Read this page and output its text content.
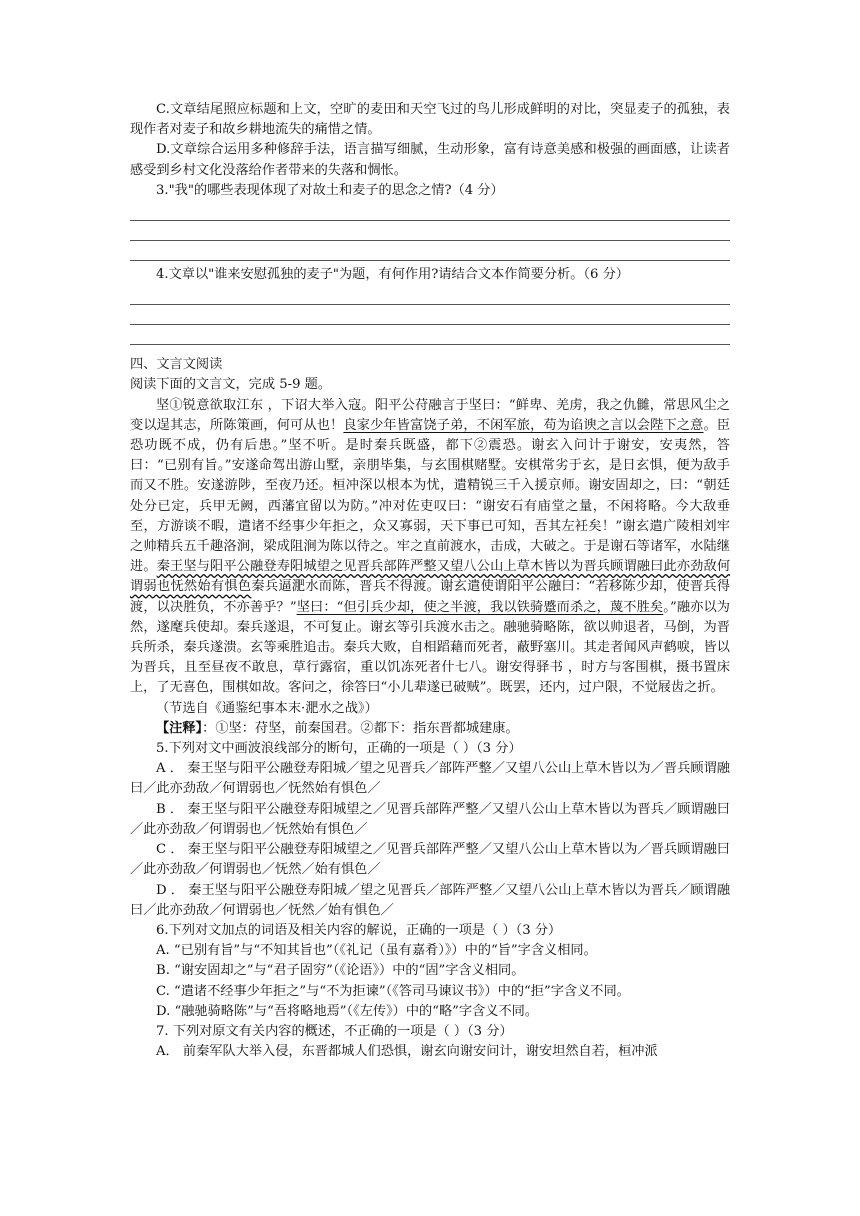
C.文章结尾照应标题和上文，空旷的麦田和天空飞过的鸟儿形成鲜明的对比，突显麦子的孤独，表现作者对麦子和故乡耕地流失的痛惜之情。

D.文章综合运用多种修辞手法，语言描写细腻，生动形象，富有诗意美感和极强的画面感，让读者感受到乡村文化没落给作者带来的失落和惆怅。

3."我"的哪些表现体现了对故土和麦子的思念之情?（4 分）

4.文章以"谁来安慰孤独的麦子"为题，有何作用?请结合文本作简要分析。（6 分）

四、文言文阅读

阅读下面的文言文，完成 5-9 题。

坚①锐意欲取江东 ，下诏大举入寇。阳平公苻融言于坚曰：“鲜卑、羌虏，我之仇雠，常思风尘之变以逞其志，所陈策画，何可从也！良家少年皆富饶子弟，不闲军旅，苟为谄谀之言以会陛下之意。臣恐功既不成，仍有后患。”坚不听。是时秦兵既盛，都下②震恐。谢玄入问计于谢安，安夷然，答曰：“已别有旨。”安遂命驾出游山墅，亲朋毕集，与玄围棋赌墅。安棋常劣于玄，是日玄惧，便为敌手而又不胜。安遂游陟，至夜乃还。桓冲深以根本为忧，遣精锐三千入援京师。谢安固却之，曰：“朝廷处分已定，兵甲无阙，西藩宜留以为防。”冲对佐吏叹曰：“谢安石有庙堂之量，不闲将略。今大敌垂至，方游谈不暇，遣诸不经事少年拒之，众又寡弱，天下事已可知，吾其左衽矣！”谢玄遣广陵相刘牢之帅精兵五千趣洛涧，梁成阻涧为陈以待之。牢之直前渡水，击成，大破之。于是谢石等诸军，水陆继进。秦王坚与阳平公融登寿阳城望之见晋兵部阵严整又望八公山上草木皆以为晋兵顾谓融曰此亦劲敌何谓弱也怃然始有惧色秦兵逼淝水而陈，晋兵不得渡。谢玄遣使谓阳平公融曰：“若移陈少却，使晋兵得渡，以决胜负，不亦善乎？”坚曰：“但引兵少却，使之半渡，我以铁骑蹙而杀之，蔑不胜矣。”融亦以为然，遂麾兵使却。秦兵遂退，不可复止。谢玄等引兵渡水击之。融驰骑略陈，欲以帅退者，马倒，为晋兵所杀，秦兵遂溃。玄等乘胜追击。秦兵大败，自相蹈藉而死者，蔽野塞川。其走者闻风声鹤唳，皆以为晋兵，且至昼夜不敢息，草行露宿，重以饥冻死者什七八。谢安得驿书 ，时方与客围棋，摄书置床上，了无喜色，围棋如故。客问之，徐答曰“小儿辈遂已破贼”。既罢，还内，过户限，不觉屐齿之折。

（节选自《通鉴纪事本末·淝水之战》）

【注释】：①坚：苻坚，前秦国君。②都下：指东晋都城建康。

5.下列对文中画波浪线部分的断句，正确的一项是（ ）（3 分）

A ． 秦王坚与阳平公融登寿阳城／望之见晋兵／部阵严整／又望八公山上草木皆以为／晋兵顾谓融曰／此亦劲敌／何谓弱也／怃然始有惧色／

B ． 秦王坚与阳平公融登寿阳城望之／见晋兵部阵严整／又望八公山上草木皆以为晋兵／顾谓融曰／此亦劲敌／何谓弱也／怃然始有惧色／

C ． 秦王坚与阳平公融登寿阳城望之／见晋兵部阵严整／又望八公山上草木皆以为／晋兵顾谓融曰／此亦劲敌／何谓弱也／怃然／始有惧色／

D ． 秦王坚与阳平公融登寿阳城／望之见晋兵／部阵严整／又望八公山上草木皆以为晋兵／顾谓融曰／此亦劲敌／何谓弱也／怃然／始有惧色／

6.下列对文加点的词语及相关内容的解说，正确的一项是（ ）（3 分）

A. “已别有旨”与“不知其旨也”（《礼记（虽有嘉肴）》）中的“旨”字含义相同。

B. “谢安固却之”与“君子固穷”（《论语》）中的“固”字含义相同。

C. “遣诸不经事少年拒之”与“不为拒谏”（《答司马谏议书》）中的“拒”字含义不同。

D. “融驰骑略陈”与“吾将略地焉”（《左传》）中的“略”字含义不同。

7. 下列对原文有关内容的概述，不正确的一项是（ ）（3 分）

A． 前秦军队大举入侵，东晋都城人们恐惧，谢玄向谢安问计，谢安坦然自若，桓冲派
